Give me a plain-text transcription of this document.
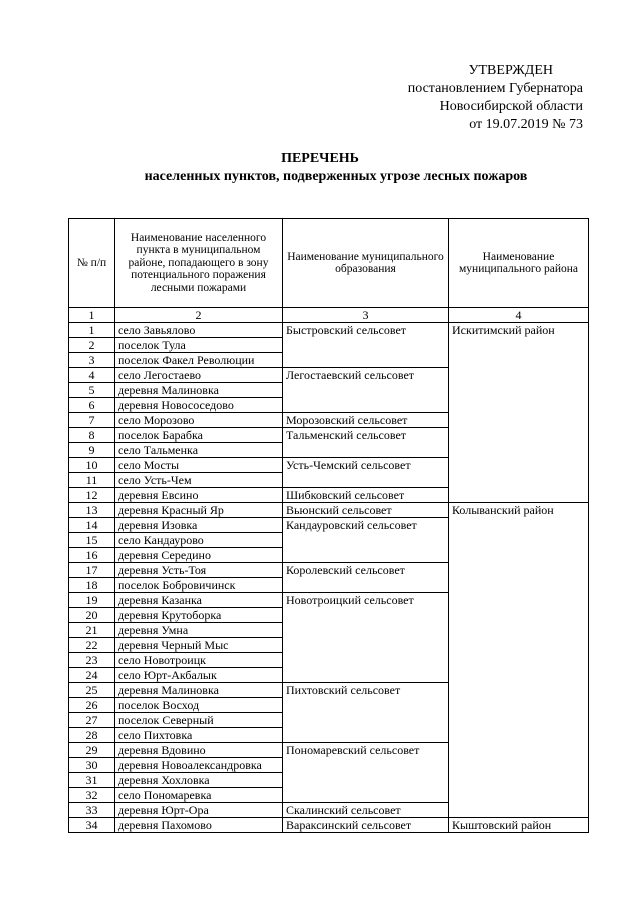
УТВЕРЖДЕН
постановлением Губернатора
Новосибирской области
от 19.07.2019 № 73
ПЕРЕЧЕНЬ
населенных пунктов, подверженных угрозе лесных пожаров
№ п/п	Наименование населенного пункта в муниципальном районе, попадающего в зону потенциального поражения лесными пожарами	Наименование муниципального образования	Наименование муниципального района
1	2	3	4
1	село Завьялово	Быстровский сельсовет	Искитимский район
2	поселок Тула		
3	поселок Факел Революции		
4	село Легостаево	Легостаевский сельсовет	
5	деревня Малиновка		
6	деревня Новососедово		
7	село Морозово	Морозовский сельсовет	
8	поселок Барабка	Тальменский сельсовет	
9	село Тальменка		
10	село Мосты	Усть-Чемский сельсовет	
11	село Усть-Чем		
12	деревня Евсино	Шибковский сельсовет	
13	деревня Красный Яр	Вьюнский сельсовет	Колыванский район
14	деревня Изовка	Кандауровский сельсовет	
15	село Кандаурово		
16	деревня Середино		
17	деревня Усть-Тоя	Королевский сельсовет	
18	поселок Бобровичинск		
19	деревня Казанка	Новотроицкий сельсовет	
20	деревня Крутоборка		
21	деревня Умна		
22	деревня Черный Мыс		
23	село Новотроицк		
24	село Юрт-Акбалык		
25	деревня Малиновка	Пихтовский сельсовет	
26	поселок Восход		
27	поселок Северный		
28	село Пихтовка		
29	деревня Вдовино	Пономаревский сельсовет	
30	деревня Новоалександровка		
31	деревня Хохловка		
32	село Пономаревка		
33	деревня Юрт-Ора	Скалинский сельсовет	
34	деревня Пахомово	Вараксинский сельсовет	Кыштовский район
